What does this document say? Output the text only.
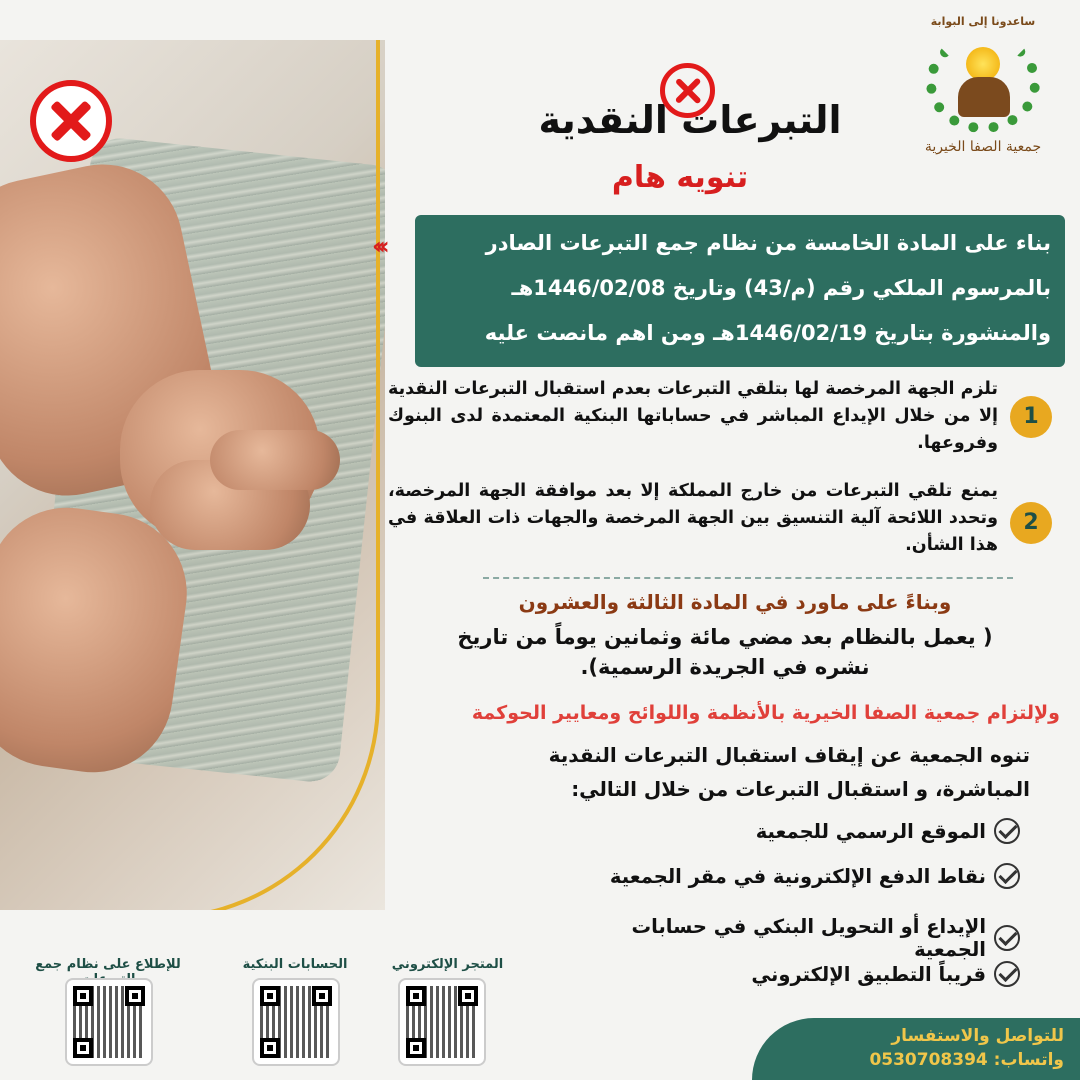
ساعدونا إلى البوابة
جمعية الصفا الخيرية
التبرعات النقدية
تنويه هام
‹‹‹	بناء على المادة الخامسة من نظام جمع التبرعات الصادر
بالمرسوم الملكي رقم (م/43) وتاريخ 1446/02/08هـ
والمنشورة بتاريخ 1446/02/19هـ ومن اهم مانصت عليه
1
تلزم الجهة المرخصة لها بتلقي التبرعات بعدم استقبال التبرعات النقدية إلا من خلال الإيداع المباشر في حساباتها البنكية المعتمدة لدى البنوك وفروعها.
2
يمنع تلقي التبرعات من خارج المملكة إلا بعد موافقة الجهة المرخصة، وتحدد اللائحة آلية التنسيق بين الجهة المرخصة والجهات ذات العلاقة في هذا الشأن.
وبناءً على ماورد في المادة الثالثة والعشرون
( يعمل بالنظام بعد مضي مائة وثمانين يوماً من تاريخ
نشره في الجريدة الرسمية).
ولإلتزام جمعية الصفا الخيرية بالأنظمة واللوائح ومعايير الحوكمة
تنوه الجمعية عن إيقاف استقبال التبرعات النقدية
المباشرة، و استقبال التبرعات من خلال التالي:
الموقع الرسمي للجمعية
نقاط الدفع الإلكترونية في مقر الجمعية
الإيداع أو التحويل البنكي في حسابات الجمعية
قريباً التطبيق الإلكتروني
للإطلاع على نظام جمع	الحسابات البنكية	المتجر الإلكتروني
للتواصل والاستفسار
واتساب: 0530708394
